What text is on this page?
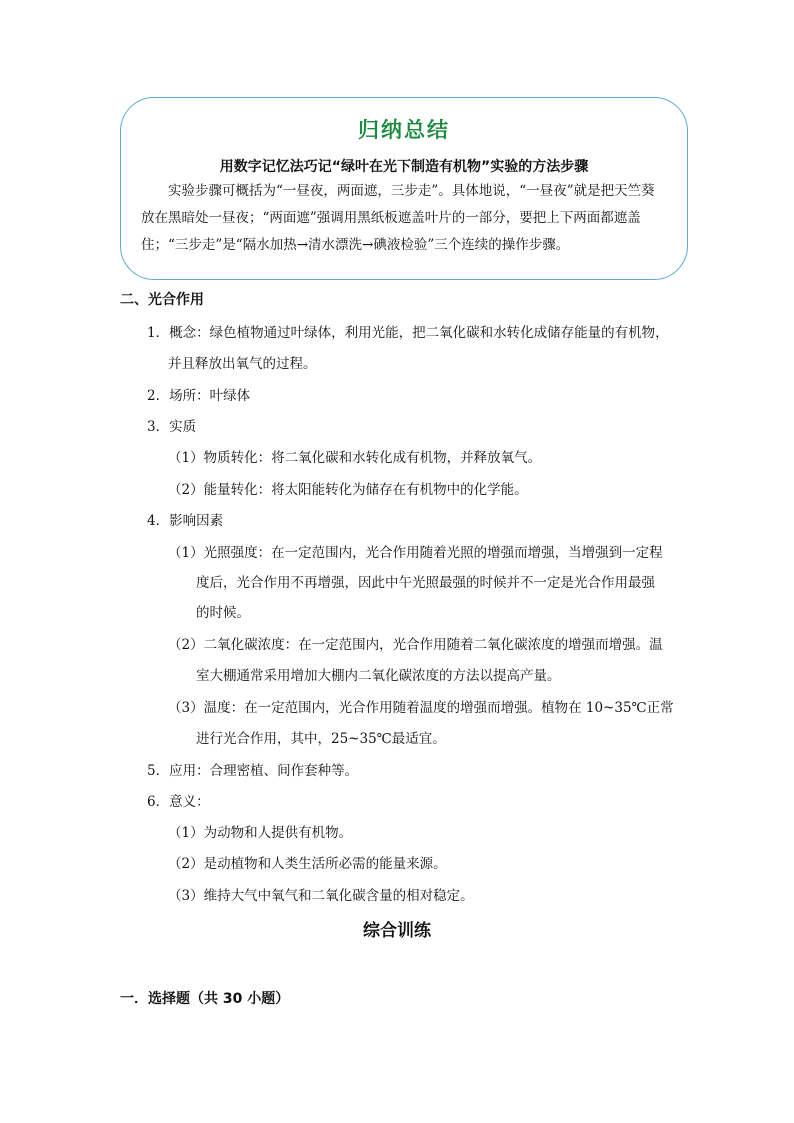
归纳总结
用数字记忆法巧记“绿叶在光下制造有机物”实验的方法步骤
实验步骤可概括为“一昼夜，两面遮，三步走”。具体地说，“一昼夜”就是把天竺葵放在黑暗处一昼夜；“两面遮”强调用黑纸板遮盖叶片的一部分，要把上下两面都遮盖住；“三步走”是“隔水加热→清水漂洗→碘液检验”三个连续的操作步骤。
二、光合作用
1．概念：绿色植物通过叶绿体，利用光能，把二氧化碳和水转化成储存能量的有机物，
并且释放出氧气的过程。
2．场所：叶绿体
3．实质
（1）物质转化：将二氧化碳和水转化成有机物，并释放氧气。
（2）能量转化：将太阳能转化为储存在有机物中的化学能。
4．影响因素
（1）光照强度：在一定范围内，光合作用随着光照的增强而增强，当增强到一定程
度后，光合作用不再增强，因此中午光照最强的时候并不一定是光合作用最强
的时候。
（2）二氧化碳浓度：在一定范围内，光合作用随着二氧化碳浓度的增强而增强。温
室大棚通常采用增加大棚内二氧化碳浓度的方法以提高产量。
（3）温度：在一定范围内，光合作用随着温度的增强而增强。植物在 10~35℃正常
进行光合作用，其中，25~35℃最适宜。
5．应用：合理密植、间作套种等。
6．意义：
（1）为动物和人提供有机物。
（2）是动植物和人类生活所必需的能量来源。
（3）维持大气中氧气和二氧化碳含量的相对稳定。
综合训练
一．选择题（共 30 小题）
